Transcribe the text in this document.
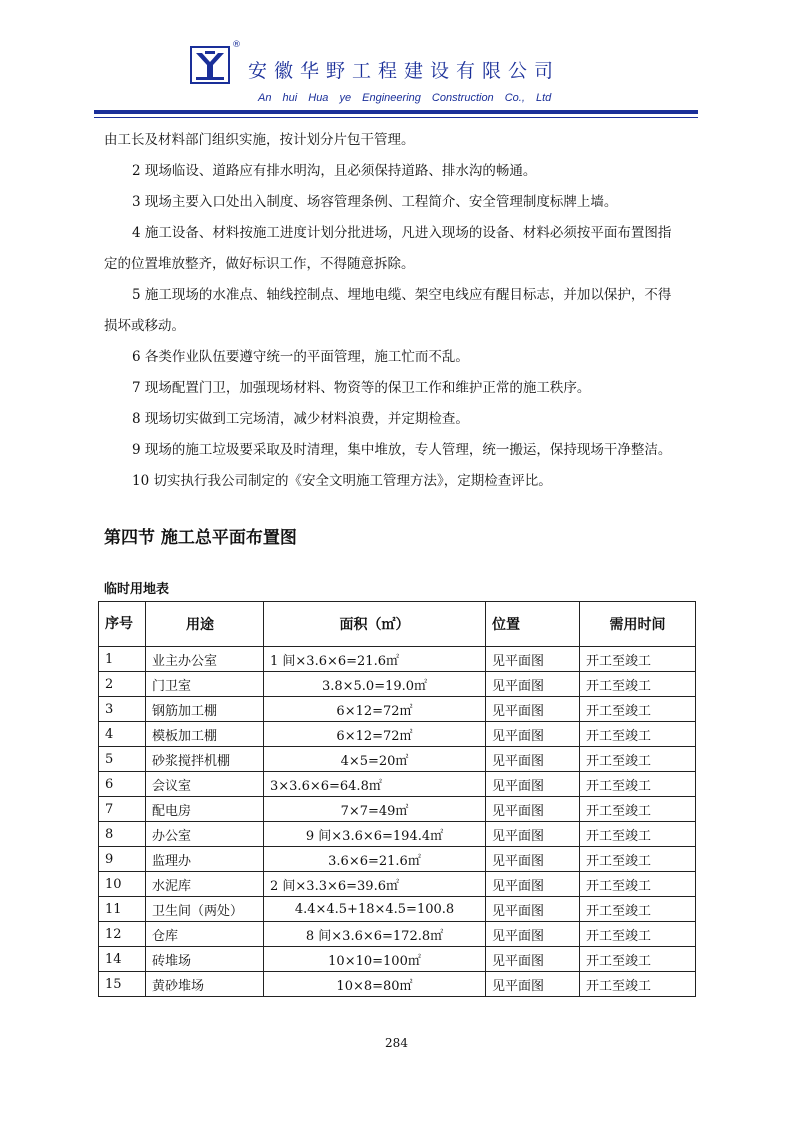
®
安徽华野工程建设有限公司
An hui Hua ye Engineering Construction Co., Ltd
由工长及材料部门组织实施，按计划分片包干管理。
2 现场临设、道路应有排水明沟，且必须保持道路、排水沟的畅通。
3 现场主要入口处出入制度、场容管理条例、工程简介、安全管理制度标牌上墙。
4 施工设备、材料按施工进度计划分批进场，凡进入现场的设备、材料必须按平面布置图指
定的位置堆放整齐，做好标识工作，不得随意拆除。
5 施工现场的水准点、轴线控制点、埋地电缆、架空电线应有醒目标志，并加以保护，不得
损坏或移动。
6 各类作业队伍要遵守统一的平面管理，施工忙而不乱。
7 现场配置门卫，加强现场材料、物资等的保卫工作和维护正常的施工秩序。
8 现场切实做到工完场清，减少材料浪费，并定期检查。
9 现场的施工垃圾要采取及时清理，集中堆放，专人管理，统一搬运，保持现场干净整洁。
10 切实执行我公司制定的《安全文明施工管理方法》，定期检查评比。
第四节 施工总平面布置图
临时用地表
序号	用途	面积（㎡）	位置	需用时间
1	业主办公室	1 间×3.6×6=21.6㎡	见平面图	开工至竣工
2	门卫室	3.8×5.0=19.0㎡	见平面图	开工至竣工
3	钢筋加工棚	6×12=72㎡	见平面图	开工至竣工
4	模板加工棚	6×12=72㎡	见平面图	开工至竣工
5	砂浆搅拌机棚	4×5=20㎡	见平面图	开工至竣工
6	会议室	3×3.6×6=64.8㎡	见平面图	开工至竣工
7	配电房	7×7=49㎡	见平面图	开工至竣工
8	办公室	9 间×3.6×6=194.4㎡	见平面图	开工至竣工
9	监理办	3.6×6=21.6㎡	见平面图	开工至竣工
10	水泥库	2 间×3.3×6=39.6㎡	见平面图	开工至竣工
11	卫生间（两处）	4.4×4.5+18×4.5=100.8	见平面图	开工至竣工
12	仓库	8 间×3.6×6=172.8㎡	见平面图	开工至竣工
14	砖堆场	10×10=100㎡	见平面图	开工至竣工
15	黄砂堆场	10×8=80㎡	见平面图	开工至竣工
284
